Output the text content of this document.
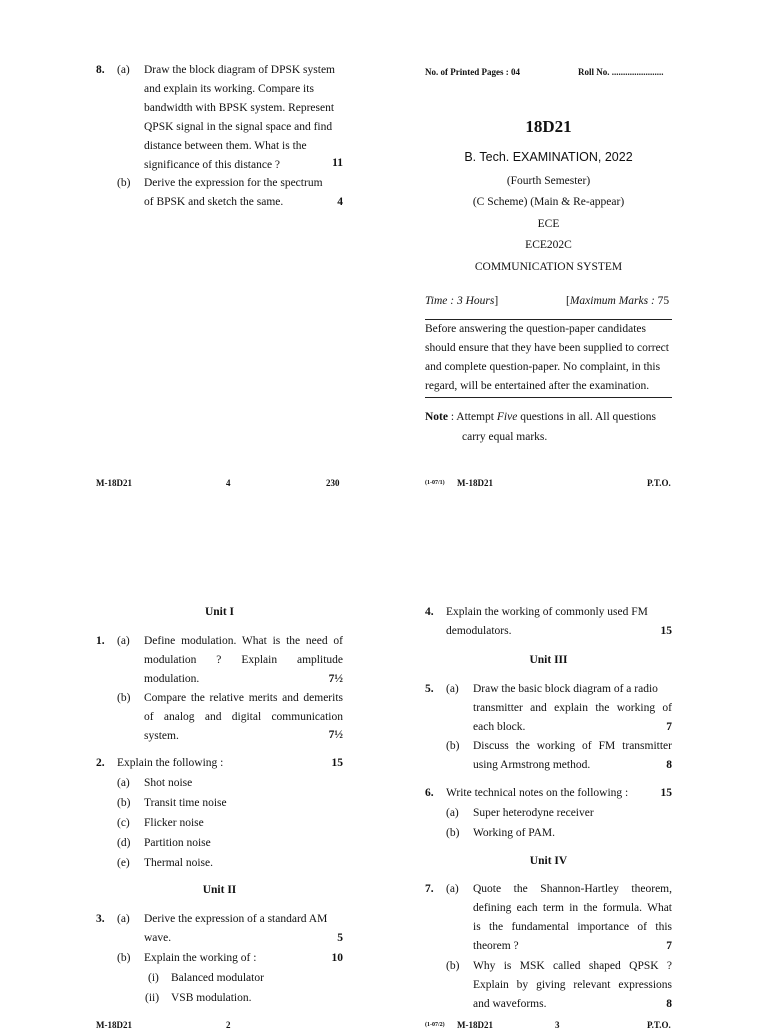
8. (a) Draw the block diagram of DPSK system
and explain its working. Compare its
bandwidth with BPSK system. Represent
QPSK signal in the signal space and find
distance between them. What is the
significance of this distance ?	11
(b) Derive the expression for the spectrum
of BPSK and sketch the same.	4
M-18D21	4	230
No. of Printed Pages : 04	Roll No. .......................
18D21
B. Tech. EXAMINATION, 2022
(Fourth Semester)
(C Scheme) (Main & Re-appear)
ECE
ECE202C
COMMUNICATION SYSTEM
Time : 3 Hours]	[Maximum Marks : 75
Before answering the question-paper candidates
should ensure that they have been supplied to correct
and complete question-paper. No complaint, in this
regard, will be entertained after the examination.
Note : Attempt Five questions in all. All questions
carry equal marks.
(1-07/1) M-18D21	P.T.O.
Unit I
1. (a) Define modulation. What is the need of
modulation ? Explain amplitude
modulation.	7½
(b) Compare the relative merits and demerits
of analog and digital communication
system.	7½
2. Explain the following :	15
(a) Shot noise
(b) Transit time noise
(c) Flicker noise
(d) Partition noise
(e) Thermal noise.
Unit II
3. (a) Derive the expression of a standard AM
wave.	5
(b) Explain the working of :	10
(i) Balanced modulator
(ii) VSB modulation.
M-18D21	2
4. Explain the working of commonly used FM
demodulators.	15
Unit III
5. (a) Draw the basic block diagram of a radio
transmitter and explain the working of
each block.	7
(b) Discuss the working of FM transmitter
using Armstrong method.	8
6. Write technical notes on the following :	15
(a) Super heterodyne receiver
(b) Working of PAM.
Unit IV
7. (a) Quote the Shannon-Hartley theorem,
defining each term in the formula. What
is the fundamental importance of this
theorem ?	7
(b) Why is MSK called shaped QPSK ?
Explain by giving relevant expressions
and waveforms.	8
(1-07/2) M-18D21	3	P.T.O.
